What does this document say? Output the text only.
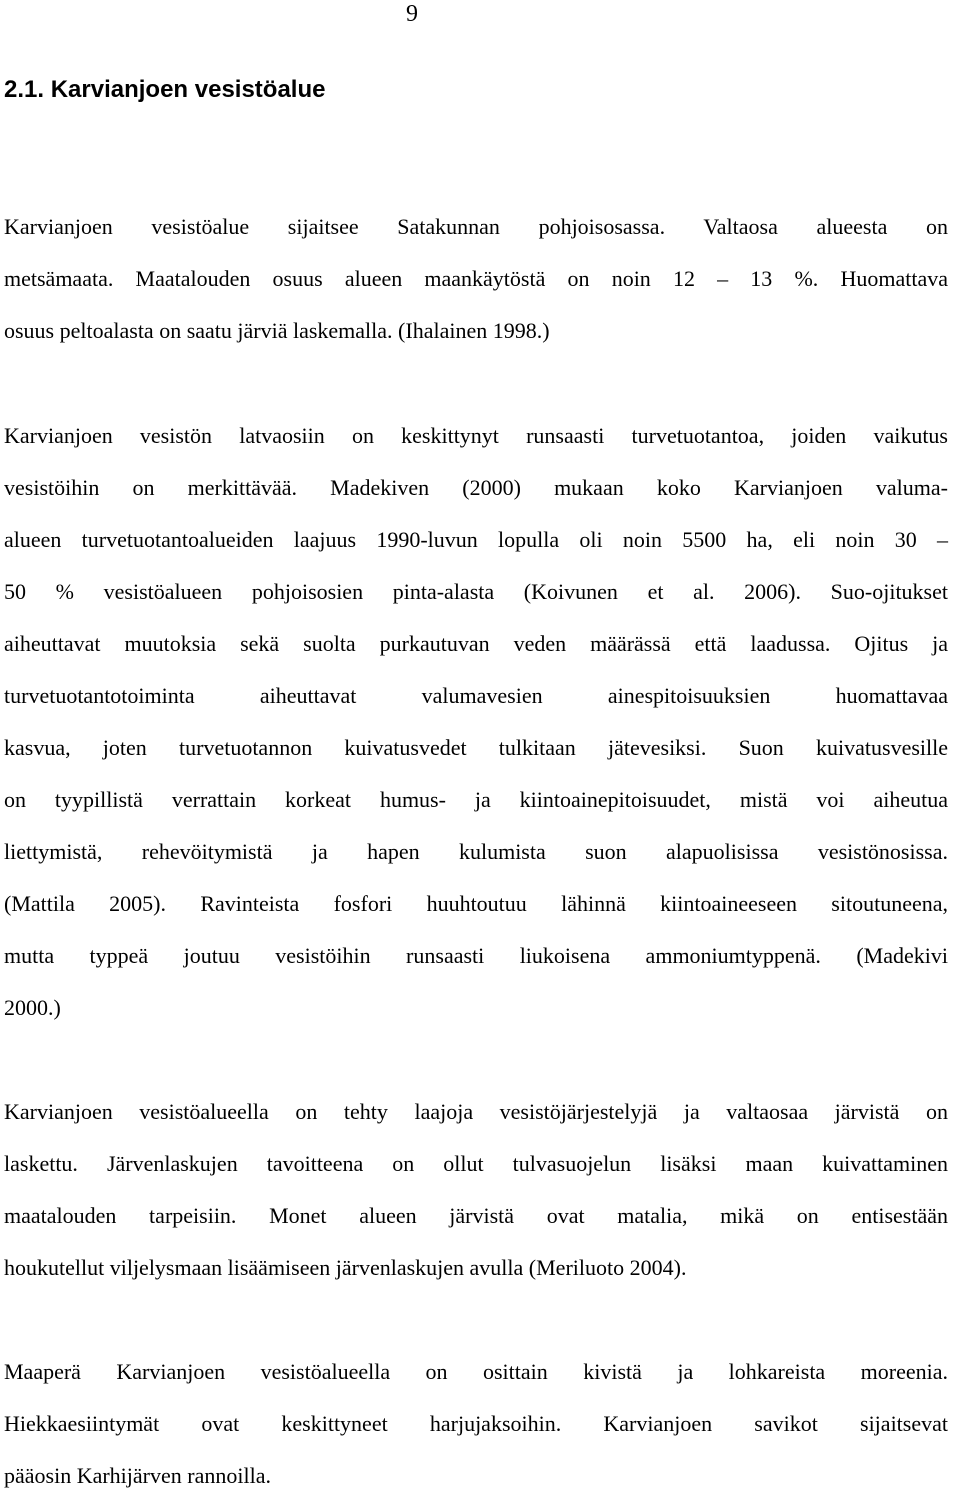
9
2.1. Karvianjoen vesistöalue
Karvianjoen vesistöalue sijaitsee Satakunnan pohjoisosassa. Valtaosa alueesta on
metsämaata. Maatalouden osuus alueen maankäytöstä on noin 12 – 13 %. Huomattava
osuus peltoalasta on saatu järviä laskemalla. (Ihalainen 1998.)
Karvianjoen vesistön latvaosiin on keskittynyt runsaasti turvetuotantoa, joiden vaikutus
vesistöihin on merkittävää. Madekiven (2000) mukaan koko Karvianjoen valuma-
alueen turvetuotantoalueiden laajuus 1990-luvun lopulla oli noin 5500 ha, eli noin 30 –
50 % vesistöalueen pohjoisosien pinta-alasta (Koivunen et al. 2006). Suo-ojitukset
aiheuttavat muutoksia sekä suolta purkautuvan veden määrässä että laadussa. Ojitus ja
turvetuotantotoiminta aiheuttavat valumavesien ainespitoisuuksien huomattavaa
kasvua, joten turvetuotannon kuivatusvedet tulkitaan jätevesiksi. Suon kuivatusvesille
on tyypillistä verrattain korkeat humus- ja kiintoainepitoisuudet, mistä voi aiheutua
liettymistä, rehevöitymistä ja hapen kulumista suon alapuolisissa vesistönosissa.
(Mattila 2005). Ravinteista fosfori huuhtoutuu lähinnä kiintoaineeseen sitoutuneena,
mutta typpeä joutuu vesistöihin runsaasti liukoisena ammoniumtyppenä. (Madekivi
2000.)
Karvianjoen vesistöalueella on tehty laajoja vesistöjärjestelyjä ja valtaosaa järvistä on
laskettu. Järvenlaskujen tavoitteena on ollut tulvasuojelun lisäksi maan kuivattaminen
maatalouden tarpeisiin. Monet alueen järvistä ovat matalia, mikä on entisestään
houkutellut viljelysmaan lisäämiseen järvenlaskujen avulla (Meriluoto 2004).
Maaperä Karvianjoen vesistöalueella on osittain kivistä ja lohkareista moreenia.
Hiekkaesiintymät ovat keskittyneet harjujaksoihin. Karvianjoen savikot sijaitsevat
pääosin Karhijärven rannoilla.
